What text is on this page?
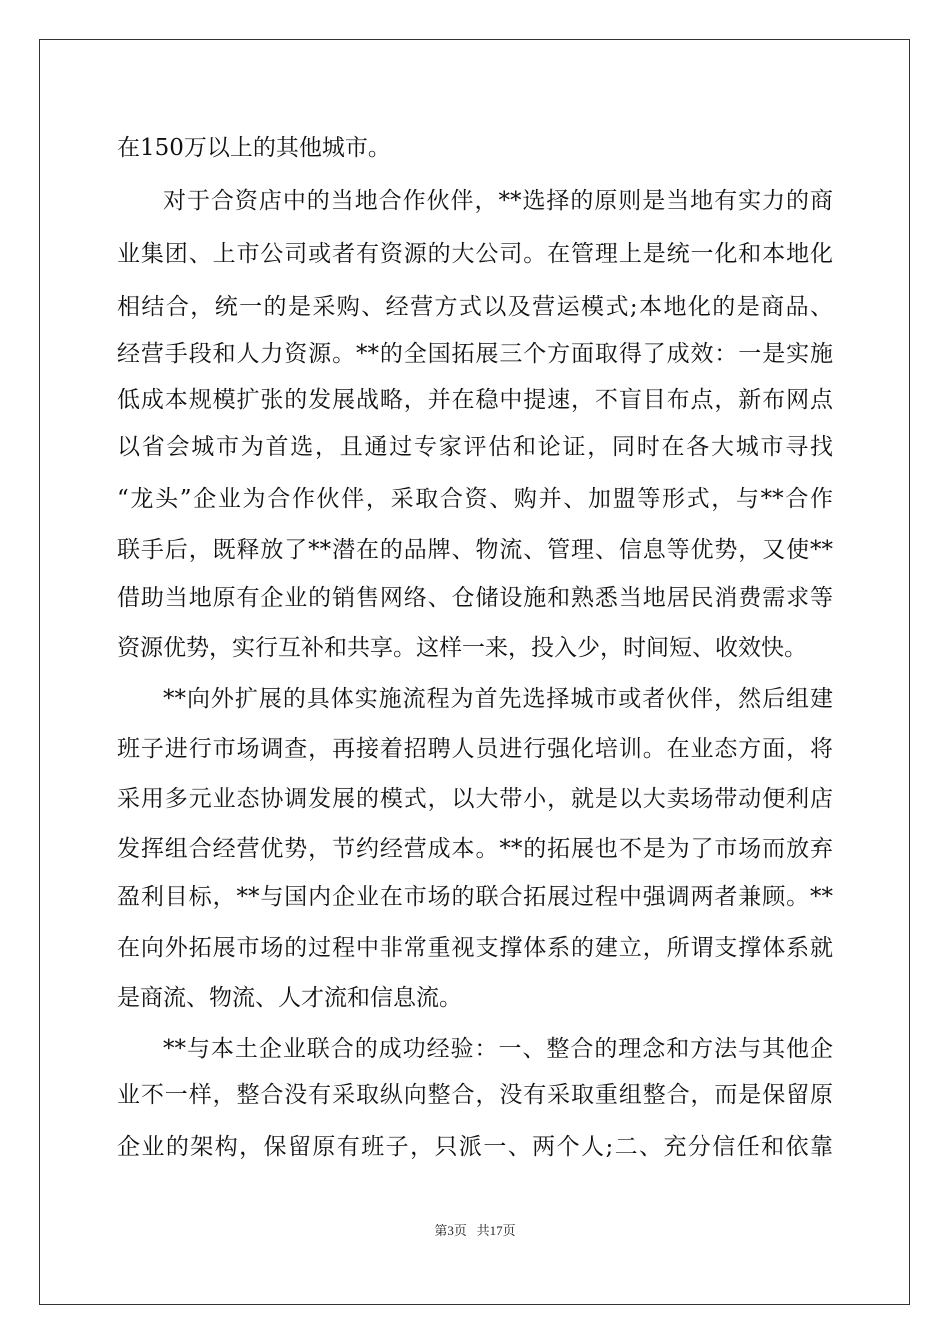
在150万以上的其他城市。
对于合资店中的当地合作伙伴，**选择的原则是当地有实力的商
业集团、上市公司或者有资源的大公司。在管理上是统一化和本地化
相结合，统一的是采购、经营方式以及营运模式;本地化的是商品、
经营手段和人力资源。**的全国拓展三个方面取得了成效：一是实施
低成本规模扩张的发展战略，并在稳中提速，不盲目布点，新布网点
以省会城市为首选，且通过专家评估和论证，同时在各大城市寻找
“龙头”企业为合作伙伴，采取合资、购并、加盟等形式，与**合作
联手后，既释放了**潜在的品牌、物流、管理、信息等优势，又使**
借助当地原有企业的销售网络、仓储设施和熟悉当地居民消费需求等
资源优势，实行互补和共享。这样一来，投入少，时间短、收效快。
**向外扩展的具体实施流程为首先选择城市或者伙伴，然后组建
班子进行市场调查，再接着招聘人员进行强化培训。在业态方面，将
采用多元业态协调发展的模式，以大带小，就是以大卖场带动便利店
发挥组合经营优势，节约经营成本。**的拓展也不是为了市场而放弃
盈利目标，**与国内企业在市场的联合拓展过程中强调两者兼顾。**
在向外拓展市场的过程中非常重视支撑体系的建立，所谓支撑体系就
是商流、物流、人才流和信息流。
**与本土企业联合的成功经验：一、整合的理念和方法与其他企
业不一样，整合没有采取纵向整合，没有采取重组整合，而是保留原
企业的架构，保留原有班子，只派一、两个人;二、充分信任和依靠
第3页 共17页
